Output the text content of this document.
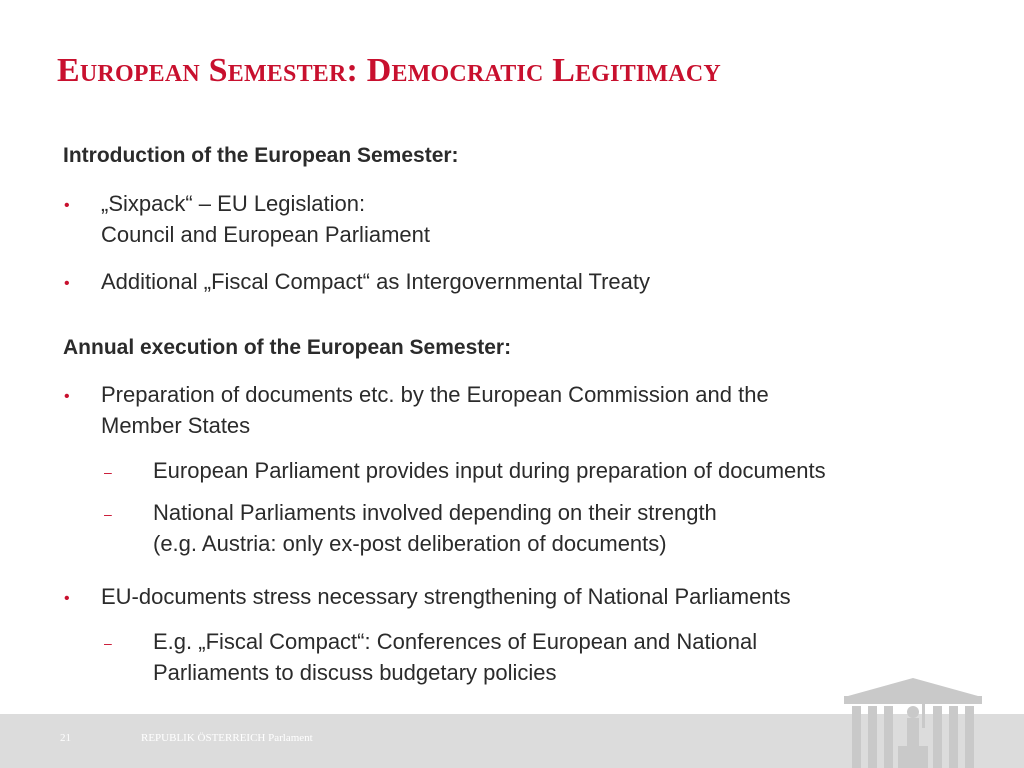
European Semester: Democratic Legitimacy
Introduction of the European Semester:
• „Sixpack“ – EU Legislation:
Council and European Parliament
• Additional „Fiscal Compact“ as Intergovernmental Treaty
Annual execution of the European Semester:
• Preparation of documents etc. by the European Commission and the
Member States
– European Parliament provides input during preparation of documents
– National Parliaments involved depending on their strength
(e.g. Austria: only ex-post deliberation of documents)
• EU-documents stress necessary strengthening of National Parliaments
– E.g. „Fiscal Compact“: Conferences of European and National
Parliaments to discuss budgetary policies
21	REPUBLIK ÖSTERREICH Parlament
